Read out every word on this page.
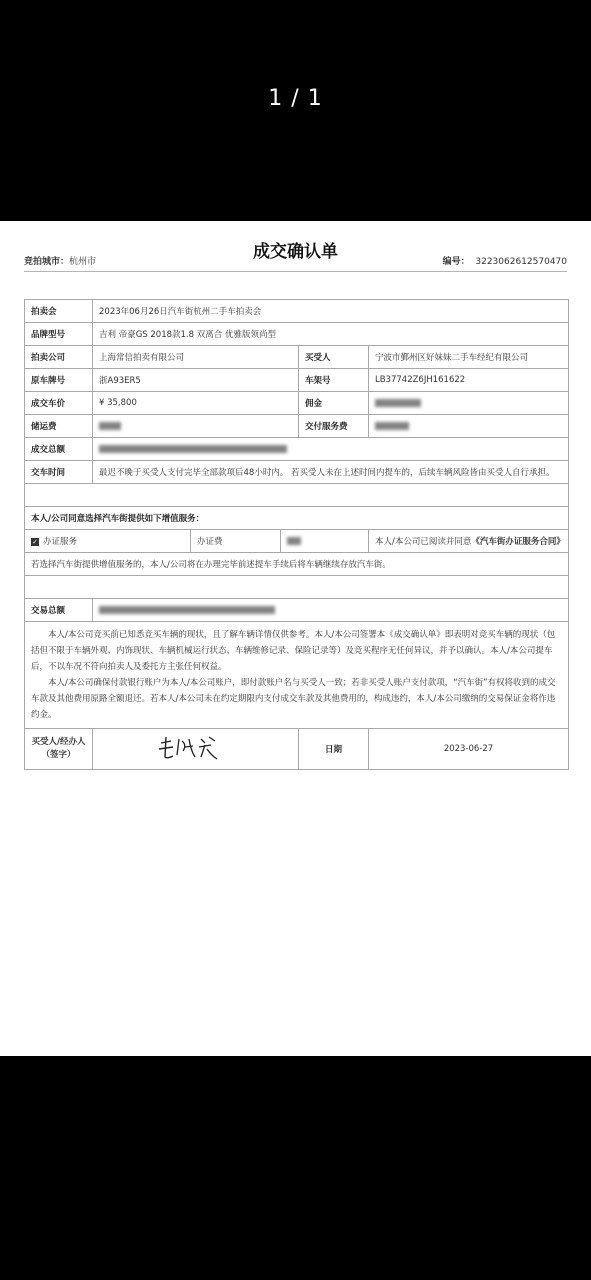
1 / 1
成交确认单
竞拍城市：杭州市	编号： 3223062612570470
拍卖会	2023年06月26日汽车街杭州二手车拍卖会				
品牌型号	吉利 帝豪GS 2018款1.8 双离合 优雅版领尚型				
拍卖公司	上海常信拍卖有限公司			买受人	宁波市鄞州区好妹妹二手车经纪有限公司
原车牌号	浙A93ER5			车架号	LB37742Z6JH161622
成交车价	¥ 35,800			佣金	
储运费				交付服务费	
成交总额					
交车时间	最迟不晚于买受人支付完毕全部款项后48小时内。 若买受人未在上述时间内提车的，后续车辆风险皆由买受人自行承担。				

本人/公司同意选择汽车街提供如下增值服务：					
✓ 办证服务		办证费			本人/本公司已阅读并同意《汽车街办证服务合同》
若选择汽车街提供增值服务的，本人/公司将在办理完毕前述提车手续后将车辆继续存放汽车街。					

交易总额					

本人/本公司竞买前已知悉竞买车辆的现状，且了解车辆详情仅供参考。本人/本公司签署本《成交确认单》即表明对竞买车辆的现状（包括但不限于车辆外观、内饰现状、车辆机械运行状态、车辆维修记录、保险记录等）及竞买程序无任何异议，并予以确认。本人/本公司提车后，不以车况不符向拍卖人及委托方主张任何权益。

本人/本公司确保付款银行账户为本人/本公司账户，即付款账户名与买受人一致；若非买受人账户支付款项，“汽车街”有权将收到的成交车款及其他费用原路全额退还。若本人/本公司未在约定期限内支付成交车款及其他费用的，构成违约，本人/本公司缴纳的交易保证金将作违约金。					

买受人/经办人
（签字）				日期	2023-06-27
